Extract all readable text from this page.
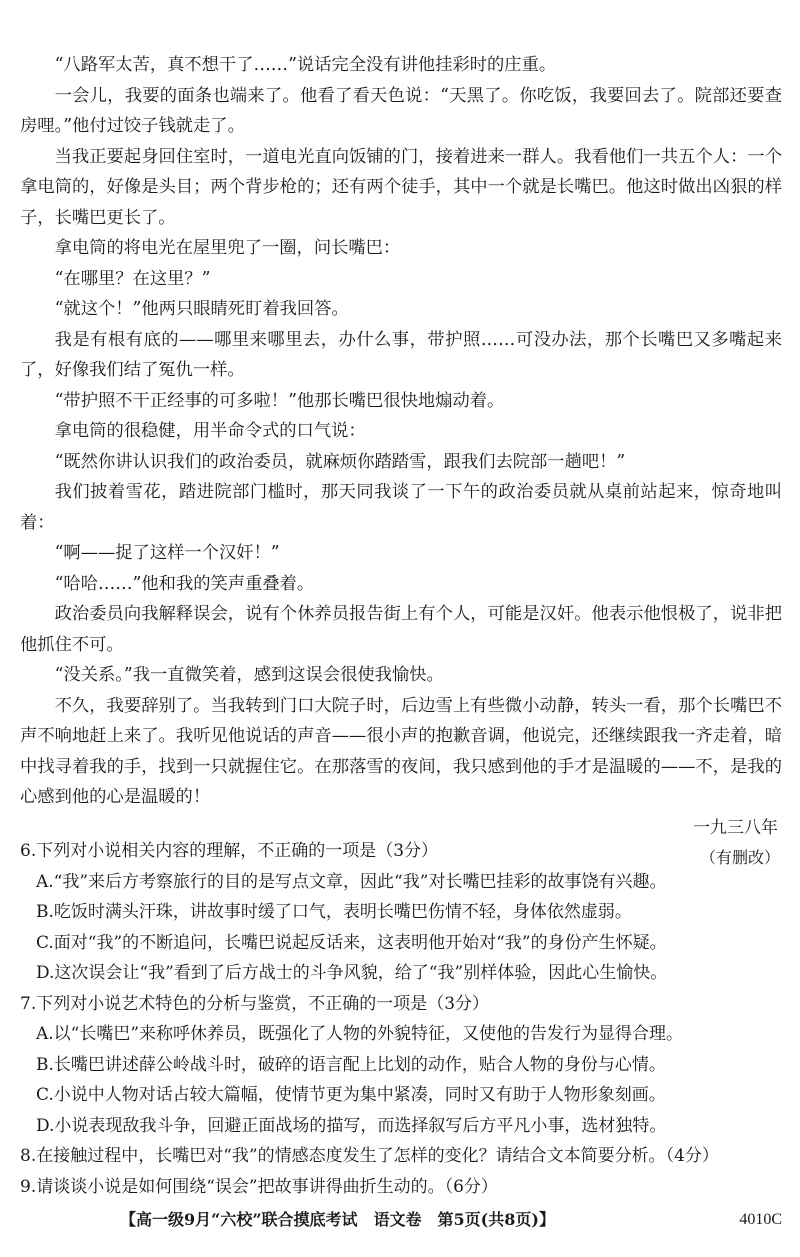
“八路军太苦，真不想干了……”说话完全没有讲他挂彩时的庄重。

一会儿，我要的面条也端来了。他看了看天色说：“天黑了。你吃饭，我要回去了。院部还要查房哩。”他付过饺子钱就走了。

当我正要起身回住室时，一道电光直向饭铺的门，接着进来一群人。我看他们一共五个人：一个拿电筒的，好像是头目；两个背步枪的；还有两个徒手，其中一个就是长嘴巴。他这时做出凶狠的样子，长嘴巴更长了。

拿电筒的将电光在屋里兜了一圈，问长嘴巴：

“在哪里？在这里？”

“就这个！”他两只眼睛死盯着我回答。

我是有根有底的——哪里来哪里去，办什么事，带护照……可没办法，那个长嘴巴又多嘴起来了，好像我们结了冤仇一样。

“带护照不干正经事的可多啦！”他那长嘴巴很快地煽动着。

拿电筒的很稳健，用半命令式的口气说：

“既然你讲认识我们的政治委员，就麻烦你踏踏雪，跟我们去院部一趟吧！”

我们披着雪花，踏进院部门槛时，那天同我谈了一下午的政治委员就从桌前站起来，惊奇地叫着：

“啊——捉了这样一个汉奸！”

“哈哈……”他和我的笑声重叠着。

政治委员向我解释误会，说有个休养员报告街上有个人，可能是汉奸。他表示他恨极了，说非把他抓住不可。

“没关系。”我一直微笑着，感到这误会很使我愉快。

不久，我要辞别了。当我转到门口大院子时，后边雪上有些微小动静，转头一看，那个长嘴巴不声不响地赶上来了。我听见他说话的声音——很小声的抱歉音调，他说完，还继续跟我一齐走着，暗中找寻着我的手，找到一只就握住它。在那落雪的夜间，我只感到他的手才是温暖的——不，是我的心感到他的心是温暖的！

一九三八年

（有删改）

6.下列对小说相关内容的理解，不正确的一项是（3分）

A.“我”来后方考察旅行的目的是写点文章，因此“我”对长嘴巴挂彩的故事饶有兴趣。

B.吃饭时满头汗珠，讲故事时缓了口气，表明长嘴巴伤情不轻，身体依然虚弱。

C.面对“我”的不断追问，长嘴巴说起反话来，这表明他开始对“我”的身份产生怀疑。

D.这次误会让“我”看到了后方战士的斗争风貌，给了“我”别样体验，因此心生愉快。

7.下列对小说艺术特色的分析与鉴赏，不正确的一项是（3分）

A.以“长嘴巴”来称呼休养员，既强化了人物的外貌特征，又使他的告发行为显得合理。

B.长嘴巴讲述薛公岭战斗时，破碎的语言配上比划的动作，贴合人物的身份与心情。

C.小说中人物对话占较大篇幅，使情节更为集中紧凑，同时又有助于人物形象刻画。

D.小说表现敌我斗争，回避正面战场的描写，而选择叙写后方平凡小事，选材独特。

8.在接触过程中，长嘴巴对“我”的情感态度发生了怎样的变化？请结合文本简要分析。（4分）

9.请谈谈小说是如何围绕“误会”把故事讲得曲折生动的。（6分）

【高一级9月“六校”联合摸底考试　语文卷　第5页(共8页)】	4010C
